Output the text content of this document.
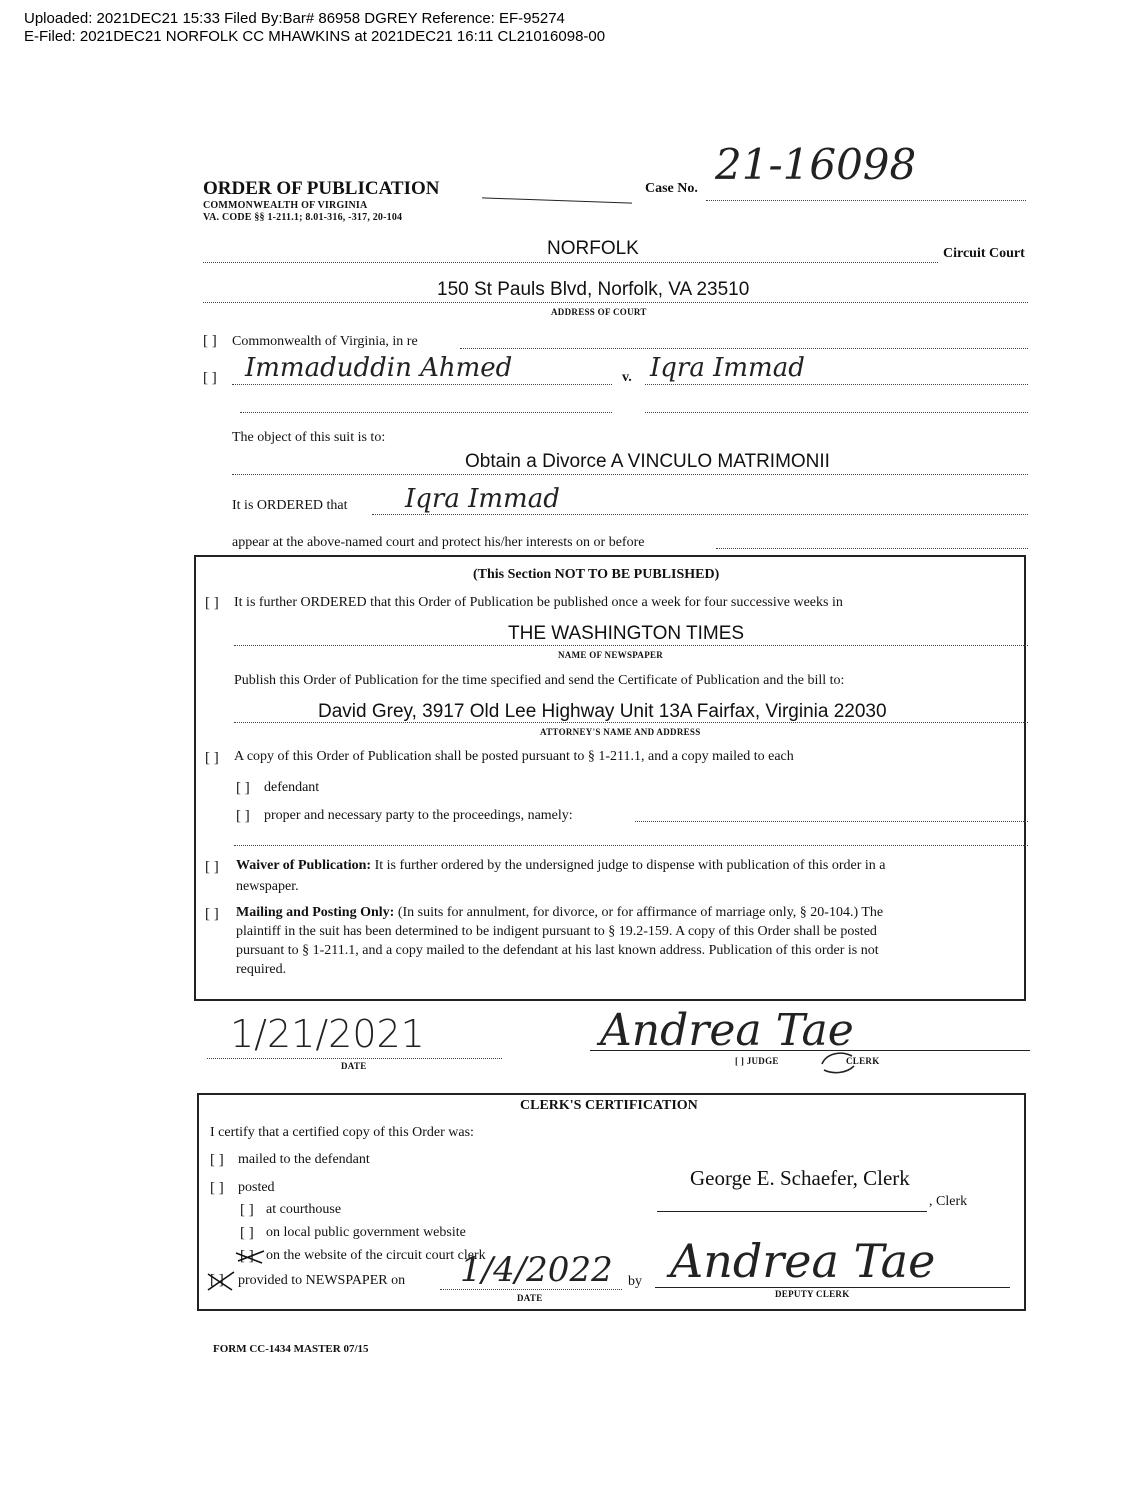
Uploaded: 2021DEC21 15:33 Filed By:Bar# 86958 DGREY Reference: EF-95274
E-Filed: 2021DEC21 NORFOLK CC MHAWKINS at 2021DEC21 16:11 CL21016098-00
ORDER OF PUBLICATION
COMMONWEALTH OF VIRGINIA
VA. CODE §§ 1-211.1; 8.01-316, -317, 20-104
Case No. 21-16098
NORFOLK	Circuit Court
150 St Pauls Blvd, Norfolk, VA 23510
ADDRESS OF COURT
[ ] Commonwealth of Virginia, in re
[ ] Immaduddin Ahmed	v. Iqra Immad
The object of this suit is to:
Obtain a Divorce A VINCULO MATRIMONII
It is ORDERED that Iqra Immad
appear at the above-named court and protect his/her interests on or before
(This Section NOT TO BE PUBLISHED)
[ ] It is further ORDERED that this Order of Publication be published once a week for four successive weeks in
THE WASHINGTON TIMES
NAME OF NEWSPAPER
Publish this Order of Publication for the time specified and send the Certificate of Publication and the bill to:
David Grey, 3917 Old Lee Highway Unit 13A Fairfax, Virginia 22030
ATTORNEY'S NAME AND ADDRESS
[ ] A copy of this Order of Publication shall be posted pursuant to § 1-211.1, and a copy mailed to each
[ ] defendant
[ ] proper and necessary party to the proceedings, namely:
[ ] Waiver of Publication: It is further ordered by the undersigned judge to dispense with publication of this order in a
newspaper.
[ ] Mailing and Posting Only: (In suits for annulment, for divorce, or for affirmance of marriage only, § 20-104.) The
plaintiff in the suit has been determined to be indigent pursuant to § 19.2-159. A copy of this Order shall be posted
pursuant to § 1-211.1, and a copy mailed to the defendant at his last known address. Publication of this order is not
required.
1/21/2021
DATE
Andrea Tae
[ ] JUDGE	CLERK
CLERK'S CERTIFICATION
I certify that a certified copy of this Order was:
[ ] mailed to the defendant
[ ] posted
[ ] at courthouse
[ ] on local public government website
[ ] on the website of the circuit court clerk
[ ] provided to NEWSPAPER on 1/4/2022
DATE
by
George E. Schaefer, Clerk
, Clerk
Andrea Tae
DEPUTY CLERK
FORM CC-1434 MASTER 07/15
